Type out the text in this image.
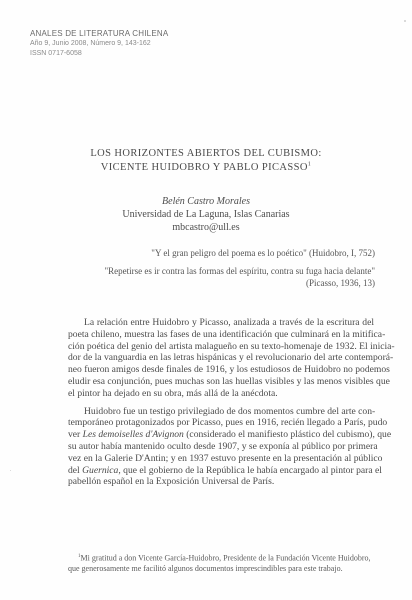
ANALES DE LITERATURA CHILENA
Año 9, Junio 2008, Número 9, 143-162
ISSN 0717-6058
LOS HORIZONTES ABIERTOS DEL CUBISMO:
VICENTE HUIDOBRO Y PABLO PICASSO$^1$
Belén Castro Morales
Universidad de La Laguna, Islas Canarias
mbcastro@ull.es
"Y el gran peligro del poema es lo poético" (Huidobro, I, 752)
"Repetirse es ir contra las formas del espíritu, contra su fuga hacia delante"
(Picasso, 1936, 13)
La relación entre Huidobro y Picasso, analizada a través de la escritura del
poeta chileno, muestra las fases de una identificación que culminará en la mitifica-
ción poética del genio del artista malagueño en su texto-homenaje de 1932. El inicia-
dor de la vanguardia en las letras hispánicas y el revolucionario del arte contemporá-
neo fueron amigos desde finales de 1916, y los estudiosos de Huidobro no podemos
eludir esa conjunción, pues muchas son las huellas visibles y las menos visibles que
el pintor ha dejado en su obra, más allá de la anécdota.
Huidobro fue un testigo privilegiado de dos momentos cumbre del arte con-
temporáneo protagonizados por Picasso, pues en 1916, recién llegado a París, pudo
ver Les demoiselles d'Avignon (considerado el manifiesto plástico del cubismo), que
su autor había mantenido oculto desde 1907, y se exponía al público por primera
vez en la Galerie D'Antin; y en 1937 estuvo presente en la presentación al público
del Guernica, que el gobierno de la República le había encargado al pintor para el
pabellón español en la Exposición Universal de París.
$^1$Mi gratitud a don Vicente García-Huidobro, Presidente de la Fundación Vicente Huidobro,
que generosamente me facilitó algunos documentos imprescindibles para este trabajo.
